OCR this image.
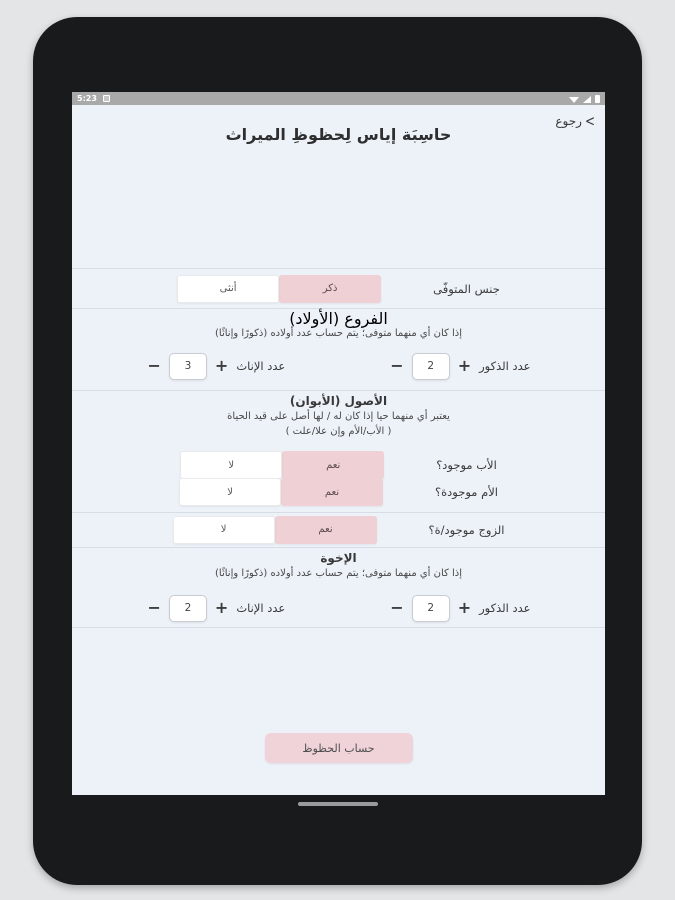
5:23
>
رجوع
حاسِبَة إياس لِحظوظِ الميراث
جنس المتوفّى
ذكر
أنثى
الفروع (الأولاد)
إذا كان أي منهما متوفى؛ يتم حساب عدد أولاده (ذكورًا وإناثًا)
عدد الذكور
+
2
−
عدد الإناث
+
3
−
الأصول (الأبوان)
يعتبر أي منهما حيا إذا كان له / لها أصل على قيد الحياة
( الأب/الأم وإن علا/علت )
الأب موجود؟
نعم
لا
الأم موجودة؟
نعم
لا
الزوج موجود/ة؟
نعم
لا
الإخوة
إذا كان أي منهما متوفى؛ يتم حساب عدد أولاده (ذكورًا وإناثًا)
عدد الذكور
+
2
−
عدد الإناث
+
2
−
حساب الحظوظ
